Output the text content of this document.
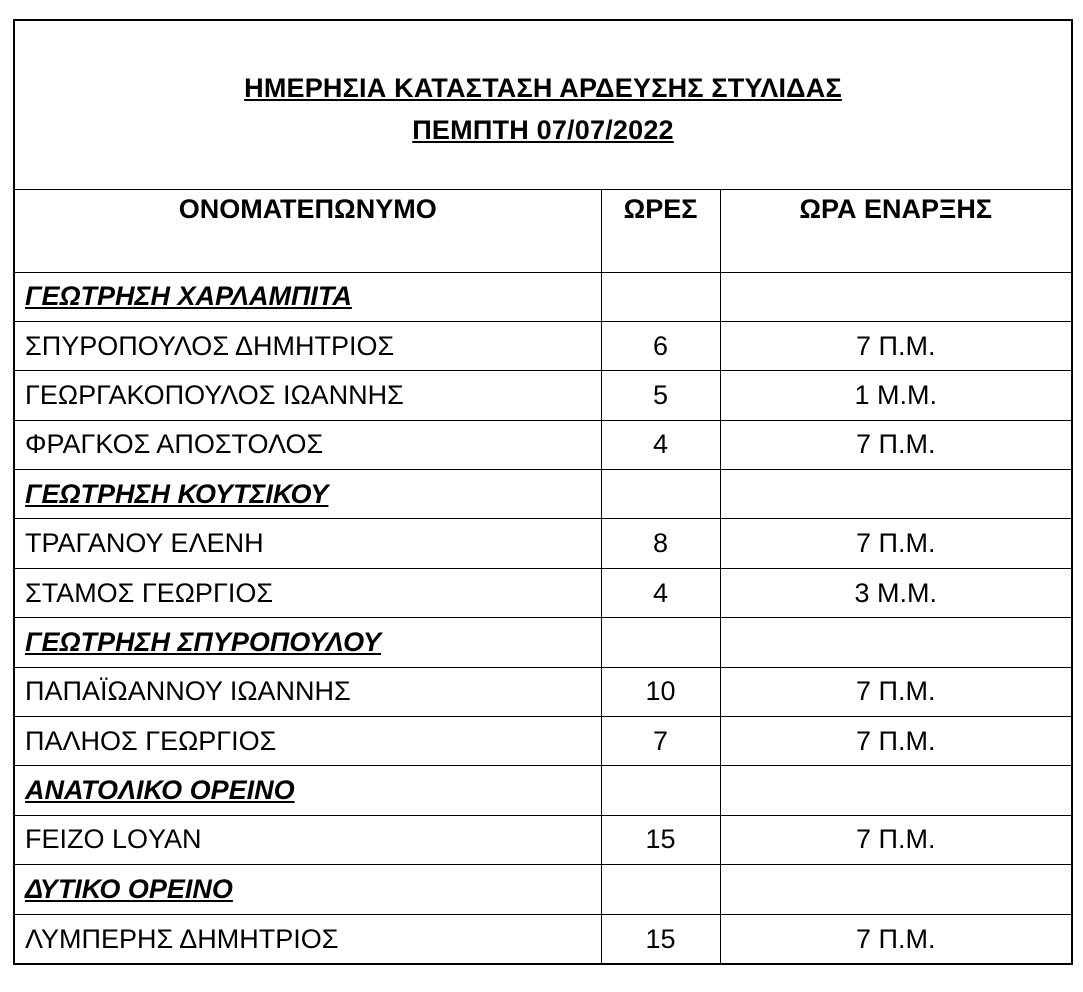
ΗΜΕΡΗΣΙΑ ΚΑΤΑΣΤΑΣΗ ΑΡΔΕΥΣΗΣ ΣΤΥΛΙΔΑΣ
ΠΕΜΠΤΗ 07/07/2022
ΟΝΟΜΑΤΕΠΩΝΥΜΟ	ΩΡΕΣ	ΩΡΑ ΕΝΑΡΞΗΣ
ΓΕΩΤΡΗΣΗ ΧΑΡΛΑΜΠΙΤΑ		
ΣΠΥΡΟΠΟΥΛΟΣ ΔΗΜΗΤΡΙΟΣ	6	7 Π.Μ.
ΓΕΩΡΓΑΚΟΠΟΥΛΟΣ ΙΩΑΝΝΗΣ	5	1 Μ.Μ.
ΦΡΑΓΚΟΣ ΑΠΟΣΤΟΛΟΣ	4	7 Π.Μ.
ΓΕΩΤΡΗΣΗ ΚΟΥΤΣΙΚΟΥ		
ΤΡΑΓΑΝΟΥ ΕΛΕΝΗ	8	7 Π.Μ.
ΣΤΑΜΟΣ ΓΕΩΡΓΙΟΣ	4	3 Μ.Μ.
ΓΕΩΤΡΗΣΗ ΣΠΥΡΟΠΟΥΛΟΥ		
ΠΑΠΑΪΩΑΝΝΟΥ ΙΩΑΝΝΗΣ	10	7 Π.Μ.
ΠΑΛΗΟΣ ΓΕΩΡΓΙΟΣ	7	7 Π.Μ.
ΑΝΑΤΟΛΙΚΟ ΟΡΕΙΝΟ		
FEIZO LOYAN	15	7 Π.Μ.
ΔΥΤΙΚΟ ΟΡΕΙΝΟ		
ΛΥΜΠΕΡΗΣ ΔΗΜΗΤΡΙΟΣ	15	7 Π.Μ.
